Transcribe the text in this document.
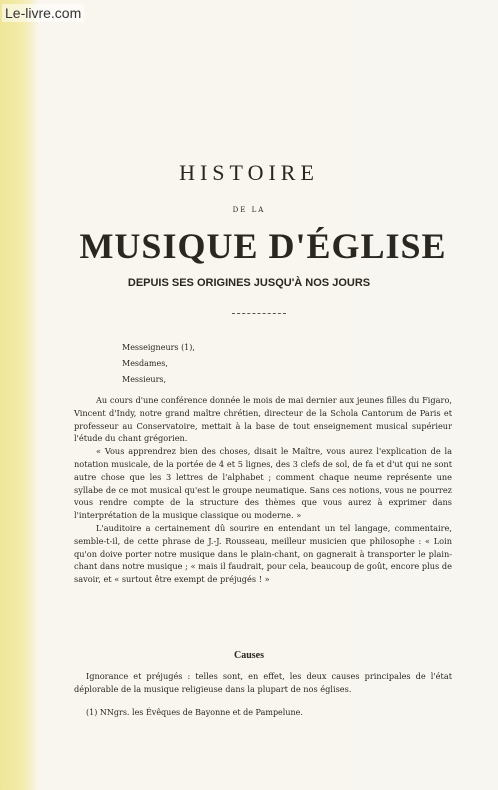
Le-livre.com
HISTOIRE
DE LA
MUSIQUE D'ÉGLISE
DEPUIS SES ORIGINES JUSQU'À NOS JOURS
Messeigneurs (1),
Mesdames,
Messieurs,

Au cours d'une conférence donnée le mois de mai dernier aux jeunes filles du Figaro, Vincent d'Indy, notre grand maître chrétien, directeur de la Schola Cantorum de Paris et professeur au Conservatoire, mettait à la base de tout enseignement musical supérieur l'étude du chant grégorien.

« Vous apprendrez bien des choses, disait le Maître, vous aurez l'explication de la notation musicale, de la portée de 4 et 5 lignes, des 3 clefs de sol, de fa et d'ut qui ne sont autre chose que les 3 lettres de l'alphabet ; comment chaque neume représente une syllabe de ce mot musical qu'est le groupe neumatique. Sans ces notions, vous ne pourrez vous rendre compte de la structure des thèmes que vous aurez à exprimer dans l'interprétation de la musique classique ou moderne. »

L'auditoire a certainement dû sourire en entendant un tel langage, commentaire, semble-t-il, de cette phrase de J.-J. Rousseau, meilleur musicien que philosophe : « Loin qu'on doive porter notre musique dans le plain-chant, on gagnerait à transporter le plain-chant dans notre musique ; « mais il faudrait, pour cela, beaucoup de goût, encore plus de savoir, et « surtout être exempt de préjugés ! »

Causes

Ignorance et préjugés : telles sont, en effet, les deux causes principales de l'état déplorable de la musique religieuse dans la plupart de nos églises.

(1) NNgrs. les Évêques de Bayonne et de Pampelune.
